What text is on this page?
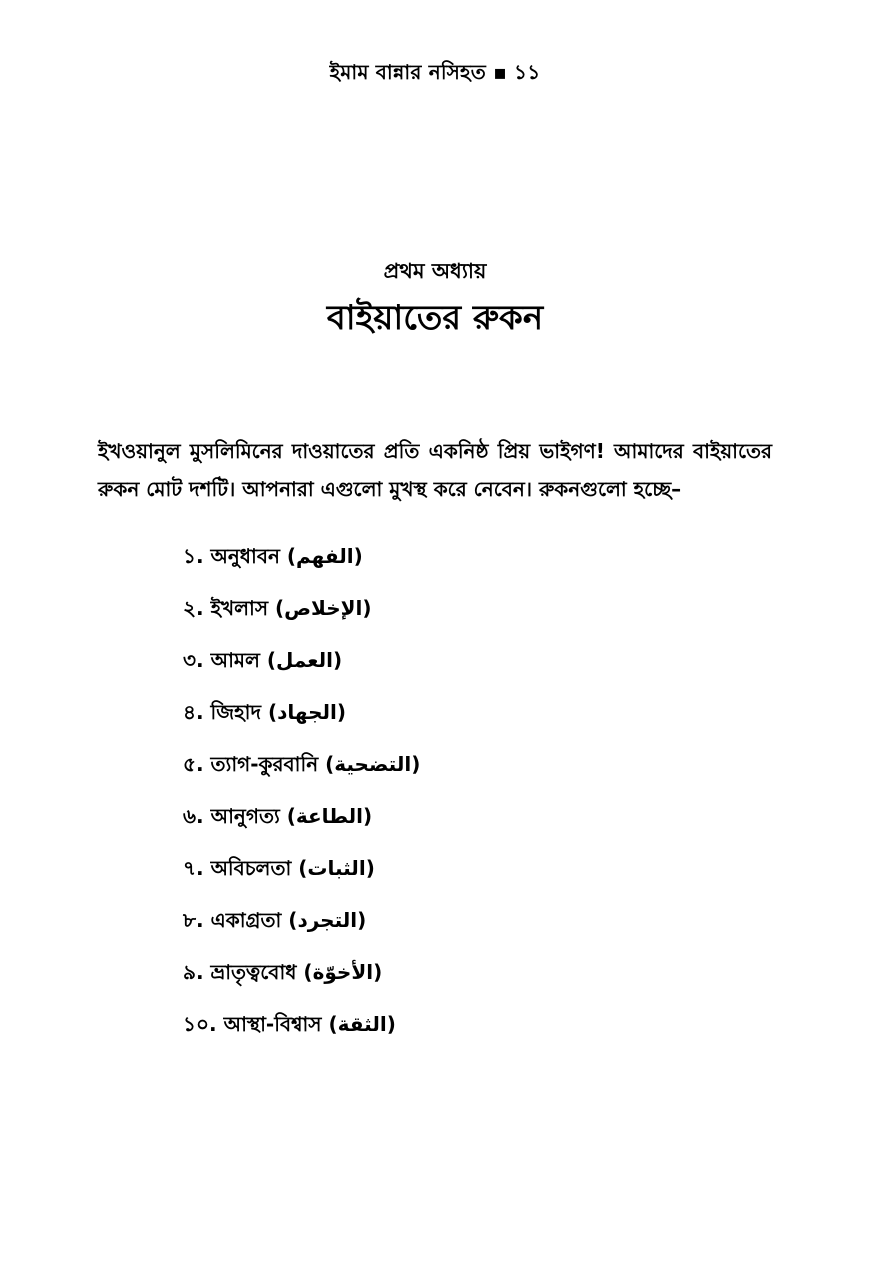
ইমাম বান্নার নসিহত ▪ ১১
প্রথম অধ্যায়
বাইয়াতের রুকন

ইখওয়ানুল মুসলিমিনের দাওয়াতের প্রতি একনিষ্ঠ প্রিয় ভাইগণ! আমাদের বাইয়াতের রুকন মোট দশটি। আপনারা এগুলো মুখস্থ করে নেবেন। রুকনগুলো হচ্ছে–

১. অনুধাবন (الفهم)
২. ইখলাস (الإخلاص)
৩. আমল (العمل)
৪. জিহাদ (الجهاد)
৫. ত্যাগ-কুরবানি (التضحية)
৬. আনুগত্য (الطاعة)
৭. অবিচলতা (الثبات)
৮. একাগ্রতা (التجرد)
৯. ভ্রাতৃত্ববোধ (الأخوّة)
১০. আস্থা-বিশ্বাস (الثقة)
